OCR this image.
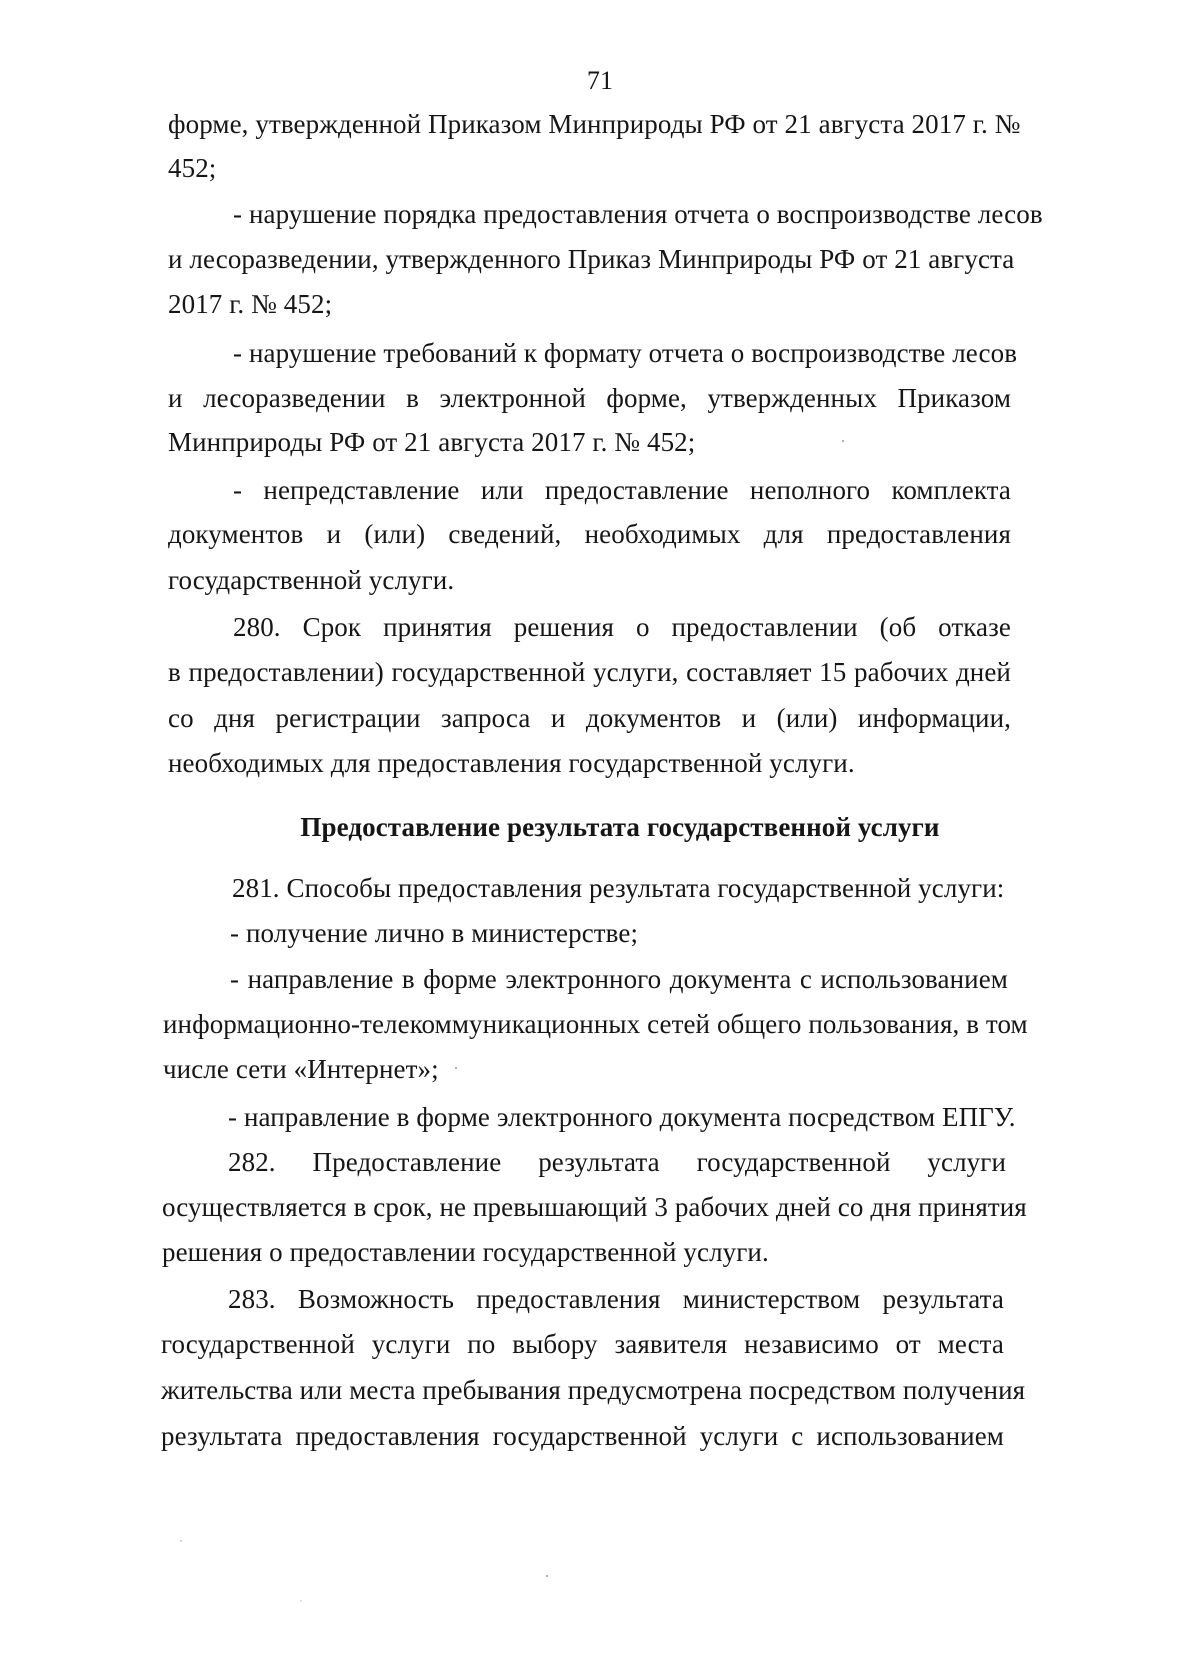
71
форме, утвержденной Приказом Минприроды РФ от 21 августа 2017 г. №
452;
- нарушение порядка предоставления отчета о воспроизводстве лесов
и лесоразведении, утвержденного Приказ Минприроды РФ от 21 августа
2017 г. № 452;
- нарушение требований к формату отчета о воспроизводстве лесов
и лесоразведении в электронной форме, утвержденных Приказом
Минприроды РФ от 21 августа 2017 г. № 452;
- непредставление или предоставление неполного комплекта
документов и (или) сведений, необходимых для предоставления
государственной услуги.
280. Срок принятия решения о предоставлении (об отказе
в предоставлении) государственной услуги, составляет 15 рабочих дней
со дня регистрации запроса и документов и (или) информации,
необходимых для предоставления государственной услуги.
Предоставление результата государственной услуги
281. Способы предоставления результата государственной услуги:
- получение лично в министерстве;
- направление в форме электронного документа с использованием
информационно-телекоммуникационных сетей общего пользования, в том
числе сети «Интернет»;
- направление в форме электронного документа посредством ЕПГУ.
282. Предоставление результата государственной услуги
осуществляется в срок, не превышающий 3 рабочих дней со дня принятия
решения о предоставлении государственной услуги.
283. Возможность предоставления министерством результата
государственной услуги по выбору заявителя независимо от места
жительства или места пребывания предусмотрена посредством получения
результата предоставления государственной услуги с использованием
